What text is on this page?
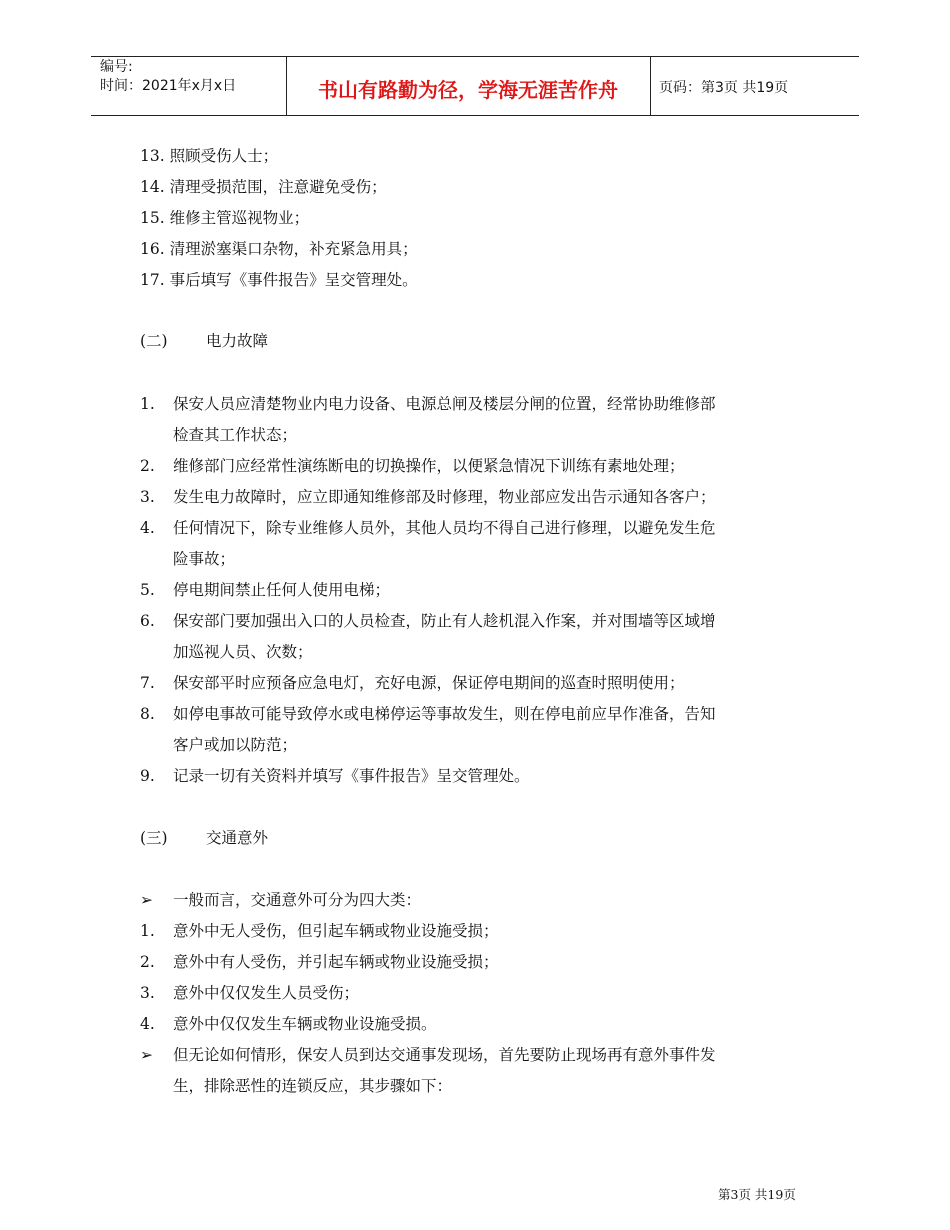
编号:
时间：2021年x月x日	书山有路勤为径，学海无涯苦作舟	页码：第3页 共19页
13. 照顾受伤人士；
14. 清理受损范围，注意避免受伤；
15. 维修主管巡视物业；
16. 清理淤塞渠口杂物，补充紧急用具；
17. 事后填写《事件报告》呈交管理处。
(二) 电力故障
1. 保安人员应清楚物业内电力设备、电源总闸及楼层分闸的位置，经常协助维修部
检查其工作状态；
2. 维修部门应经常性演练断电的切换操作，以便紧急情况下训练有素地处理；
3. 发生电力故障时，应立即通知维修部及时修理，物业部应发出告示通知各客户；
4. 任何情况下，除专业维修人员外，其他人员均不得自己进行修理，以避免发生危
险事故；
5. 停电期间禁止任何人使用电梯；
6. 保安部门要加强出入口的人员检查，防止有人趁机混入作案，并对围墙等区域增
加巡视人员、次数；
7. 保安部平时应预备应急电灯，充好电源，保证停电期间的巡查时照明使用；
8. 如停电事故可能导致停水或电梯停运等事故发生，则在停电前应早作准备，告知
客户或加以防范；
9. 记录一切有关资料并填写《事件报告》呈交管理处。
(三) 交通意外
➢ 一般而言，交通意外可分为四大类：
1. 意外中无人受伤，但引起车辆或物业设施受损；
2. 意外中有人受伤，并引起车辆或物业设施受损；
3. 意外中仅仅发生人员受伤；
4. 意外中仅仅发生车辆或物业设施受损。
➢ 但无论如何情形，保安人员到达交通事发现场，首先要防止现场再有意外事件发
生，排除恶性的连锁反应，其步骤如下：
第3页 共19页
